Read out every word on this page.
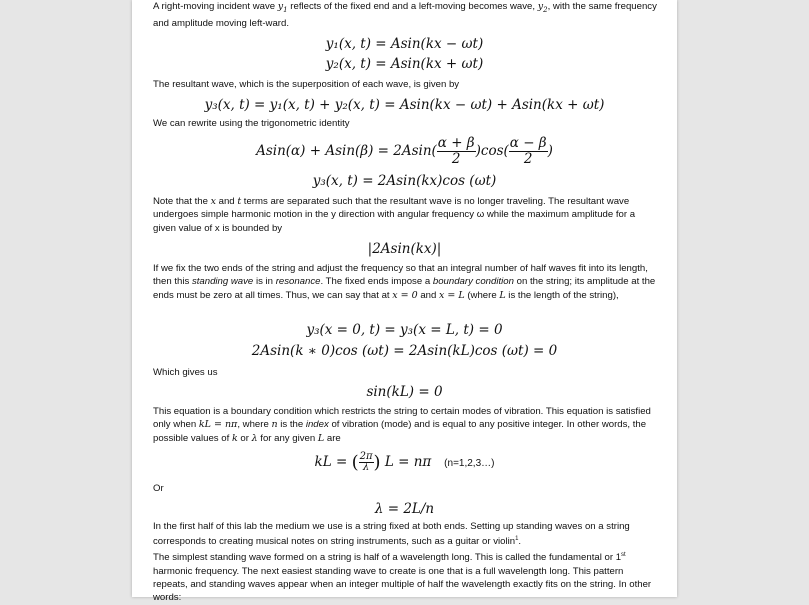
A right-moving incident wave $y_1$ reflects of the fixed end and a left-moving becomes wave, $y_2$, with the same frequency and amplitude moving left-ward.
y₁(x, t) = Asin(kx − ωt)
y₂(x, t) = Asin(kx + ωt)
The resultant wave, which is the superposition of each wave, is given by
y₃(x, t) = y₁(x, t) + y₂(x, t) = Asin(kx − ωt) + Asin(kx + ωt)
We can rewrite using the trigonometric identity
$Asin(\alpha) + Asin(\beta) = 2Asin( \frac{\alpha + \beta}{2} )\cos( \frac{\alpha - \beta}{2}$ )
y₃(x, t) = 2Asin(kx)cos (ωt)
Note that the x and t terms are separated such that the resultant wave is no longer traveling. The resultant wave undergoes simple harmonic motion in the y direction with angular frequency ω while the maximum amplitude for a given value of x is bounded by
|2Asin(kx)|
If we fix the two ends of the string and adjust the frequency so that an integral number of half waves fit into its length, then this standing wave is in resonance. The fixed ends impose a boundary condition on the string; its amplitude at the ends must be zero at all times. Thus, we can say that at x = 0 and x = L (where L is the length of the string),
y₃(x = 0, t) = y₃(x = L, t) = 0
2Asin(k ∗ 0)cos (ωt) = 2Asin(kL)cos (ωt) = 0
Which gives us
sin(kL) = 0
This equation is a boundary condition which restricts the string to certain modes of vibration. This equation is satisfied only when kL = nπ, where n is the index of vibration (mode) and is equal to any positive integer. In other words, the possible values of k or λ for any given L are
kL = ( $\frac{2\pi}{\lambda}$ ) L = nπ (n=1,2,3…)
Or
λ = 2L/n
In the first half of this lab the medium we use is a string fixed at both ends. Setting up standing waves on a string corresponds to creating musical notes on string instruments, such as a guitar or violin$^1$.
The simplest standing wave formed on a string is half of a wavelength long. This is called the fundamental or 1st harmonic frequency. The next easiest standing wave to create is one that is a full wavelength long. This pattern repeats, and standing waves appear when an integer multiple of half the wavelength exactly fits on the string. In other words:
